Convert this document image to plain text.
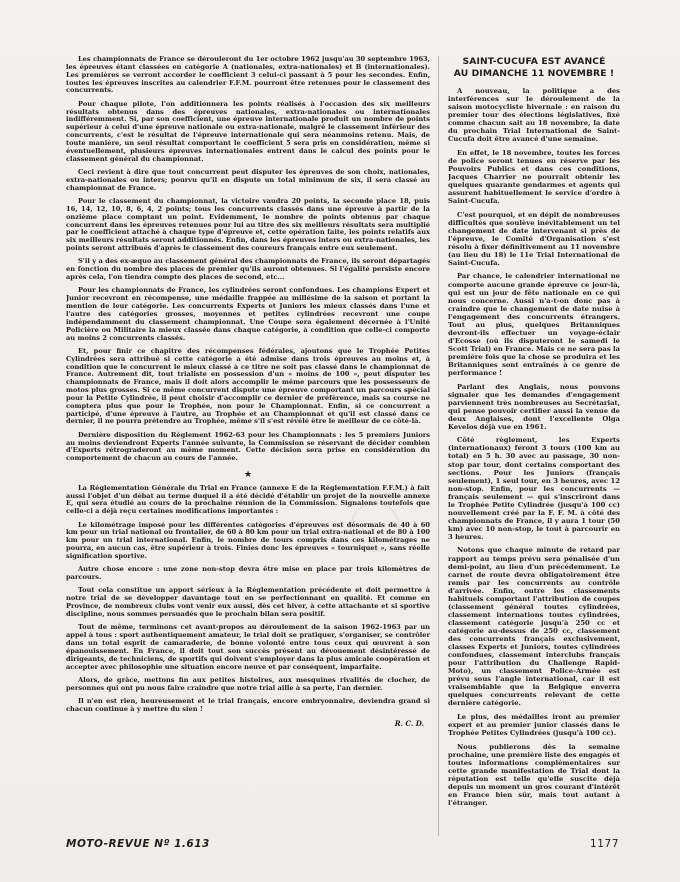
Les championnats de France se dérouleront du 1er octobre 1962 jusqu'au 30 septembre 1963, les épreuves étant classées en catégorie A (nationales, extra-nationales) et B (internationales). Les premières se verront accorder le coefficient 3 celui-ci passant à 5 pour les secondes. Enfin, toutes les épreuves inscrites au calendrier F.F.M. pourront être retenues pour le classement des concurrents.

Pour chaque pilote, l'on additionnera les points réalisés à l'occasion des six meilleurs résultats obtenus dans des épreuves nationales, extra-nationales ou internationales indifféremment. Si, par son coefficient, une épreuve internationale produit un nombre de points supérieur à celui d'une épreuve nationale ou extra-nationale, malgré le classement inférieur des concurrents, c'est le résultat de l'épreuve internationale qui sera néanmoins retenu. Mais, de toute manière, un seul résultat comportant le coefficient 5 sera pris en considération, même si éventuellement, plusieurs épreuves internationales entrent dans le calcul des points pour le classement général du championnat.

Ceci revient à dire que tout concurrent peut disputer les épreuves de son choix, nationales, extra-nationales ou inters; pourvu qu'il en dispute un total minimum de six, il sera classé au championnat de France.

Pour le classement du championnat, la victoire vaudra 20 points, la seconde place 18, puis 16, 14, 12, 10, 8, 6, 4, 2 points; tous les concurrents classés dans une épreuve à partir de la onzième place comptant un point. Evidemment, le nombre de points obtenus par chaque concurrent dans les épreuves retenues pour lui au titre des six meilleurs résultats sera multiplié par le coefficient attaché à chaque type d'épreuve et, cette opération faite, les points relatifs aux six meilleurs résultats seront additionnés. Enfin, dans les épreuves inters ou extra-nationales, les points seront attribués d'après le classement des coureurs français entre eux seulement.

S'il y a des ex-æquo au classement général des championnats de France, ils seront départagés en fonction du nombre des places de premier qu'ils auront obtenues. Si l'égalité persiste encore après cela, l'on tiendra compte des places de second, etc...

Pour les championnats de France, les cylindrées seront confondues. Les champions Expert et Junior recevront en récompense, une médaille frappée au millésime de la saison et portant la mention de leur catégorie. Les concurrents Experts et Juniors les mieux classés dans l'une et l'autre des catégories grosses, moyennes et petites cylindrées recevront une coupe indépendamment du classement championnat. Une Coupe sera également décernée à l'Unité Policière ou Militaire la mieux classée dans chaque catégorie, à condition que celle-ci comporte au moins 2 concurrents classés.

Et, pour finir ce chapitre des récompenses fédérales, ajoutons que le Trophée Petites Cylindrées sera attribué si cette catégorie a été admise dans trois épreuves au moins et, à condition que le concurrent le mieux classé à ce titre ne soit pas classé dans le championnat de France. Autrement dit, tout trialiste en possession d'un « moins de 100 », peut disputer les championnats de France, mais il doit alors accomplir le même parcours que les possesseurs de motos plus grosses. Si ce même concurrent dispute une épreuve comportant un parcours spécial pour la Petite Cylindrée, il peut choisir d'accomplir ce dernier de préférence, mais sa course ne comptera plus que pour le Trophée, non pour le Championnat. Enfin, si ce concurrent a participé, d'une épreuve à l'autre, au Trophée et au Championnat et qu'il est classé dans ce dernier, il ne pourra prétendre au Trophée, même s'il s'est révélé être le meilleur de ce côté-là.

Dernière disposition du Règlement 1962-63 pour les Championnats : les 5 premiers Juniors au moins deviendront Experts l'année suivante, la Commission se réservant de décider combien d'Experts rétrograderont au même moment. Cette décision sera prise en considération du comportement de chacun au cours de l'année.

★

La Réglementation Générale du Trial en France (annexe E de la Réglementation F.F.M.) à fait aussi l'objet d'un débat au terme duquel il a été décidé d'établir un projet de la nouvelle annexe E, qui sera étudié au cours de la prochaine réunion de la Commission. Signalons toutefois que celle-ci a déjà reçu certaines modifications importantes :

Le kilométrage imposé pour les différentes catégories d'épreuves est désormais de 40 à 60 km pour un trial national ou frontalier, de 60 à 80 km pour un trial extra-national et de 80 à 100 km pour un trial international. Enfin, le nombre de tours compris dans ces kilométrages ne pourra, en aucun cas, être supérieur à trois. Finies donc les épreuves « tourniquet », sans réelle signification sportive.

Autre chose encore : une zone non-stop devra être mise en place par trois kilomètres de parcours.

Tout cela constitue un apport sérieux à la Réglementation précédente et doit permettre à notre trial de se développer davantage tout en se perfectionnant en qualité. Et comme en Province, de nombreux clubs vont venir eux aussi, dès cet hiver, à cette attachante et si sportive discipline, nous sommes persuadés que le prochain bilan sera positif.

Tout de même, terminons cet avant-propos au déroulement de la saison 1962-1963 par un appel à tous : sport authentiquement amateur, le trial doit se pratiquer, s'organiser, se contrôler dans un total esprit de camaraderie, de bonne volonté entre tous ceux qui œuvrent à son épanouissement. En France, il doit tout son succès présent au dévouement désintéressé de dirigeants, de techniciens, de sportifs qui doivent s'employer dans la plus amicale coopération et accepter avec philosophie une situation encore neuve et par conséquent, imparfaite.

Alors, de grâce, mettons fin aux petites histoires, aux mesquines rivalités de clocher, de personnes qui ont pu nous faire craindre que notre trial aille à sa perte, l'an dernier.

Il n'en est rien, heureusement et le trial français, encore embryonnaire, deviendra grand si chacun continue à y mettre du sien !

R. C. D.
SAINT-CUCUFA EST AVANCÉ
AU DIMANCHE 11 NOVEMBRE !

A nouveau, la politique a des interférences sur le déroulement de la saison motocycliste hivernale : en raison du premier tour des élections législatives, fixé comme chacun sait au 18 novembre, la date du prochain Trial International de Saint-Cucufa doit être avancé d'une semaine.

En effet, le 18 novembre, toutes les forces de police seront tenues en réserve par les Pouvoirs Publics et dans ces conditions, Jacques Charrier ne pourrait obtenir les quelques quarante gendarmes et agents qui assurent habituellement le service d'ordre à Saint-Cucufa.

C'est pourquoi, et en dépit de nombreuses difficultés que soulève inévitablement un tel changement de date intervenant si près de l'épreuve, le Comité d'Organisation s'est résolu à fixer définitivement au 11 novembre (au lieu du 18) le 11e Trial International de Saint-Cucufa.

Par chance, le calendrier international ne comporte aucune grande épreuve ce jour-là, qui est un jour de fête nationale en ce qui nous concerne. Aussi n'a-t-on donc pas à craindre que le changement de date nuise à l'engagement des concurrents étrangers. Tout au plus, quelques Britanniques devront-ils effectuer un voyage-éclair d'Ecosse (où ils disputeront le samedi le Scott Trial) en France. Mais ce ne sera pas la première fois que la chose se produira et les Britanniques sont entraînés à ce genre de performance !

Parlant des Anglais, nous pouvons signaler que les demandes d'engagement parviennent très nombreuses au Secrétariat, qui pense pouvoir certifier aussi la venue de deux Anglaises, dont l'excellente Olga Kevelos déjà vue en 1961.

Côté règlement, les Experts (internationaux) feront 3 tours (100 km au total) en 5 h. 30 avec au passage, 30 non-stop par tour, dont certains comportant des sections. Pour les Juniors (français seulement), 1 seul tour, en 3 heures, avec 12 non-stop. Enfin, pour les concurrents — français seulement — qui s'inscriront dans le Trophée Petite Cylindrée (jusqu'à 100 cc) nouvellement créé par la F. F. M. à côté des championnats de France, il y aura 1 tour (50 km) avec 10 non-stop, le tout à parcourir en 3 heures.

Notons que chaque minute de retard par rapport au temps prévu sera pénalisée d'un demi-point, au lieu d'un précédemment. Le carnet de route devra obligatoirement être remis par les concurrents au contrôle d'arrivée. Enfin, outre les classements habituels comportant l'attribution de coupes (classement général toutes cylindrées, classement internations toutes cylindrées, classement catégorie jusqu'à 250 cc et catégorie au-dessus de 250 cc, classement des concurrents français exclusivement, classes Experts et Juniors, toutes cylindrées confondues, classement interclubs français pour l'attribution du Challenge Rapid-Moto), un classement Police-Armée est prévu sous l'angle international, car il est vraisemblable que la Belgique enverra quelques concurrents relevant de cette dernière catégorie.

Le plus, des médailles iront au premier expert et au premier junior classés dans le Trophée Petites Cylindrées (jusqu'à 100 cc).

Nous publierons dès la semaine prochaine, une première liste des engagés et toutes informations complémentaires sur cette grande manifestation de Trial dont la réputation est telle qu'elle suscite déjà depuis un moment un gros courant d'intérêt en France bien sûr, mais tout autant à l'étranger.

MOTO-REVUE Nº 1.613	1177
